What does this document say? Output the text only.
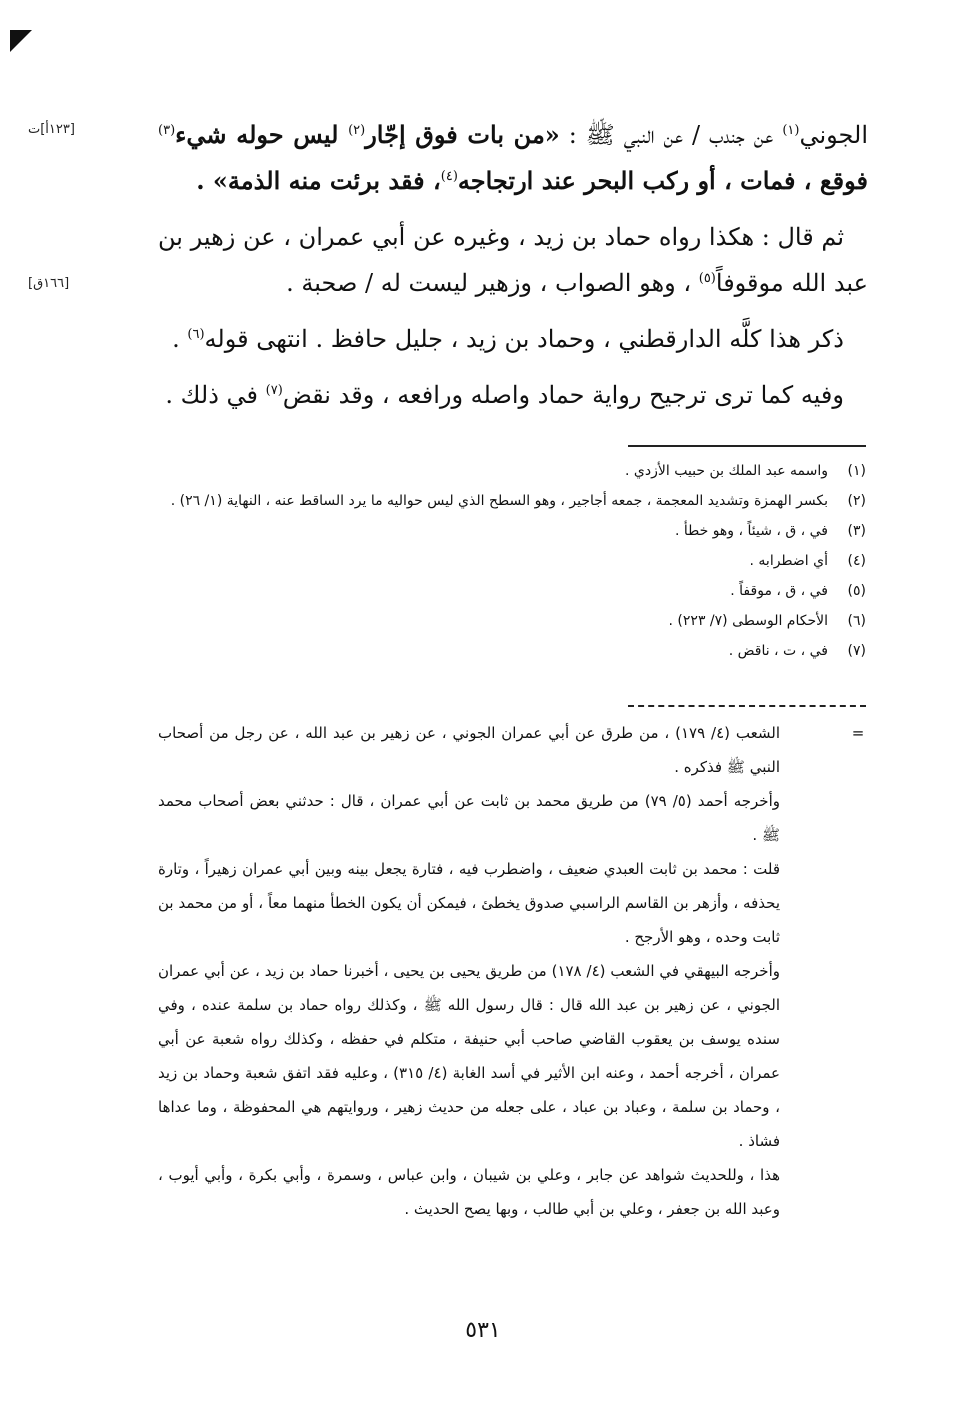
[١٢٣أ]ت
[١٦٦ق]

الجوني$^{(١)}$ عن جندب / عن النبي ﷺ : «من بات فوق إجّار$^{(٢)}$ ليس حوله شيء$^{(٣)}$ فوقع ، فمات ، أو ركب البحر عند ارتجاجه$^{(٤)}$، فقد برئت منه الذمة» .

ثم قال : هكذا رواه حماد بن زيد ، وغيره عن أبي عمران ، عن زهير بن عبد الله موقوفاً$^{(٥)}$ ، وهو الصواب ، وزهير ليست له / صحبة .

ذكر هذا كلَّه الدارقطني ، وحماد بن زيد ، جليل حافظ . انتهى قوله$^{(٦)}$ .

وفيه كما ترى ترجيح رواية حماد واصله ورافعه ، وقد نقض$^{(٧)}$ في ذلك .

(١)
واسمه عبد الملك بن حبيب الأزدي .
(٢)
بكسر الهمزة وتشديد المعجمة ، جمعه أجاجير ، وهو السطح الذي ليس حواليه ما يرد الساقط عنه ، النهاية (١/ ٢٦) .
(٣)
في ، ق ، شيئاً ، وهو خطأ .
(٤)
أي اضطرابه .
(٥)
في ، ق ، موقفاً .
(٦)
الأحكام الوسطى (٧/ ٢٢٣) .
(٧)
في ، ت ، ناقض .
=

الشعب (٤/ ١٧٩) ، من طرق عن أبي عمران الجوني ، عن زهير بن عبد الله ، عن رجل من أصحاب النبي ﷺ فذكره .

وأخرجه أحمد (٥/ ٧٩) من طريق محمد بن ثابت عن أبي عمران ، قال : حدثني بعض أصحاب محمد ﷺ .

قلت : محمد بن ثابت العبدي ضعيف ، واضطرب فيه ، فتارة يجعل بينه وبين أبي عمران زهيراً ، وتارة يحذفه ، وأزهر بن القاسم الراسبي صدوق يخطئ ، فيمكن أن يكون الخطأ منهما معاً ، أو من محمد بن ثابت وحده ، وهو الأرجح .

وأخرجه البيهقي في الشعب (٤/ ١٧٨) من طريق يحيى بن يحيى ، أخبرنا حماد بن زيد ، عن أبي عمران الجوني ، عن زهير بن عبد الله قال : قال رسول الله ﷺ ، وكذلك رواه حماد بن سلمة عنده ، وفي سنده يوسف بن يعقوب القاضي صاحب أبي حنيفة ، متكلم في حفظه ، وكذلك رواه شعبة عن أبي عمران ، أخرجه أحمد ، وعنه ابن الأثير في أسد الغابة (٤/ ٣١٥) ، وعليه فقد اتفق شعبة وحماد بن زيد ، وحماد بن سلمة ، وعباد بن عباد ، على جعله من حديث زهير ، وروايتهم هي المحفوظة ، وما عداها فشاذ .

هذا ، وللحديث شواهد عن جابر ، وعلي بن شيبان ، وابن عباس ، وسمرة ، وأبي بكرة ، وأبي أيوب ، وعبد الله بن جعفر ، وعلي بن أبي طالب ، وبها يصح الحديث .

٥٣١
